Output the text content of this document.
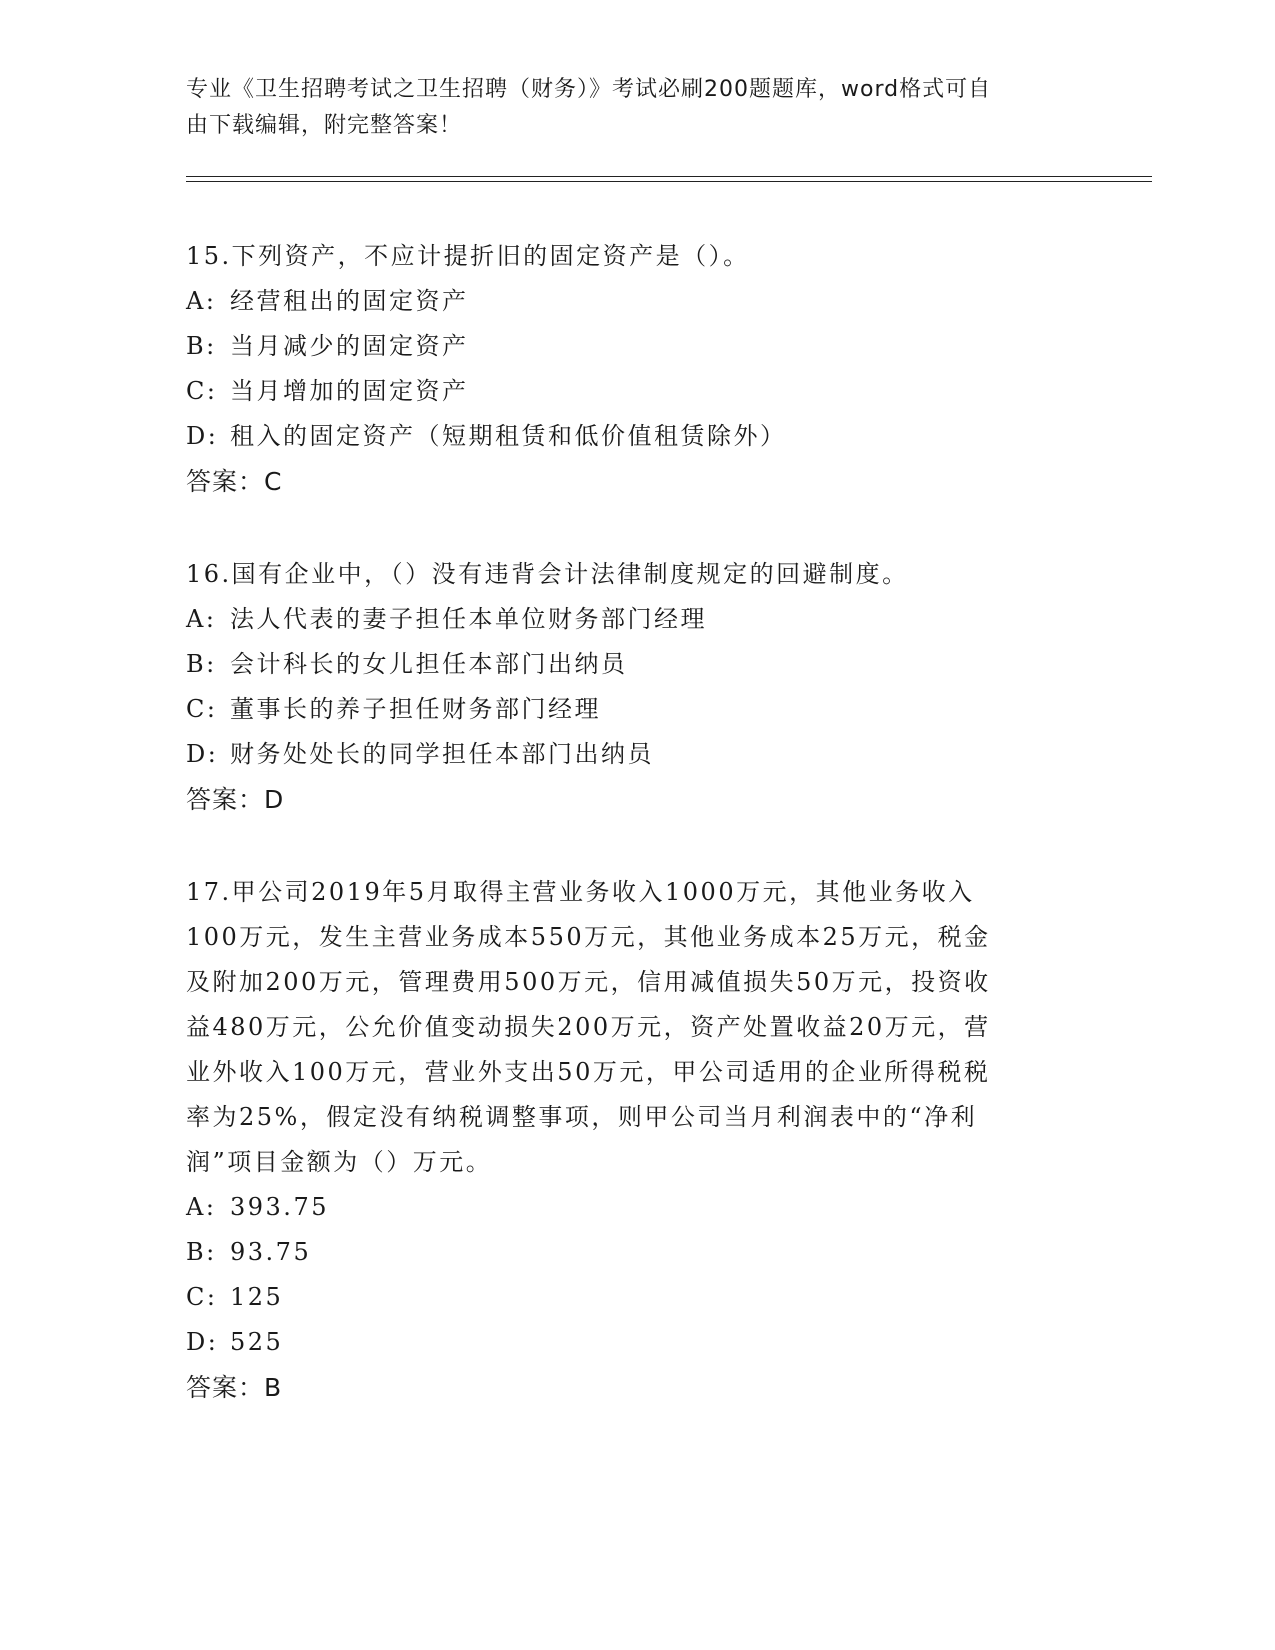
专业《卫生招聘考试之卫生招聘（财务）》考试必刷200题题库，word格式可自
由下载编辑，附完整答案！
15.下列资产，不应计提折旧的固定资产是（）。
A: 经营租出的固定资产
B: 当月减少的固定资产
C: 当月增加的固定资产
D: 租入的固定资产（短期租赁和低价值租赁除外）
答案：C
16.国有企业中，（）没有违背会计法律制度规定的回避制度。
A: 法人代表的妻子担任本单位财务部门经理
B: 会计科长的女儿担任本部门出纳员
C: 董事长的养子担任财务部门经理
D: 财务处处长的同学担任本部门出纳员
答案：D
17.甲公司2019年5月取得主营业务收入1000万元，其他业务收入
100万元，发生主营业务成本550万元，其他业务成本25万元，税金
及附加200万元，管理费用500万元，信用减值损失50万元，投资收
益480万元，公允价值变动损失200万元，资产处置收益20万元，营
业外收入100万元，营业外支出50万元，甲公司适用的企业所得税税
率为25%，假定没有纳税调整事项，则甲公司当月利润表中的“净利
润”项目金额为（）万元。
A: 393.75
B: 93.75
C: 125
D: 525
答案：B
